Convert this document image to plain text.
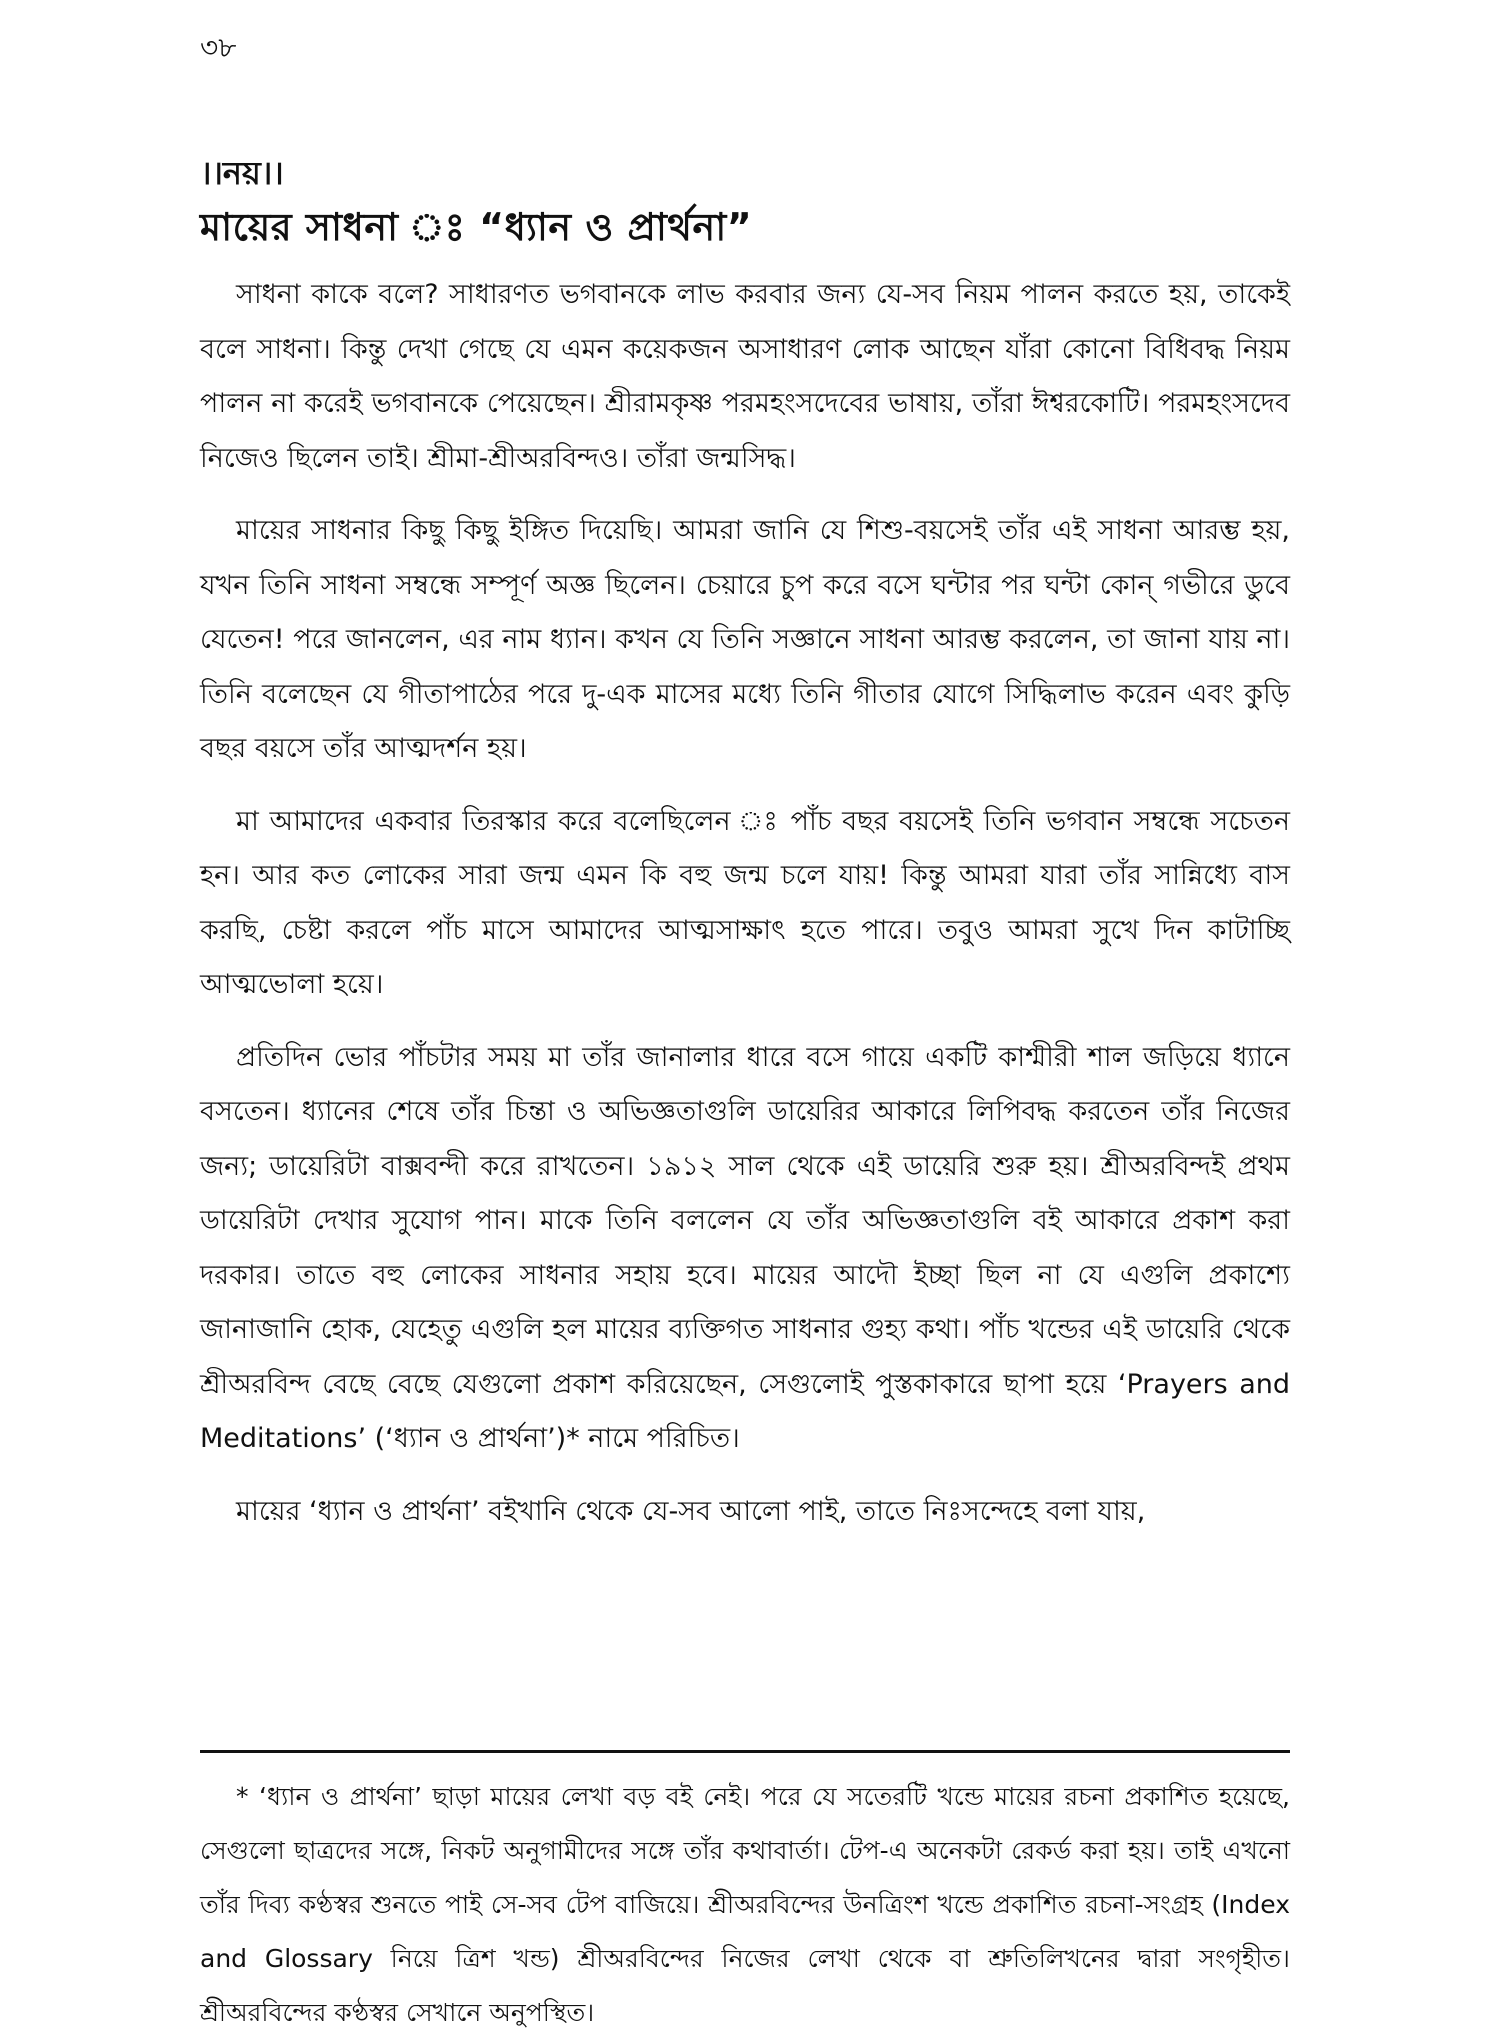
৩৮
।।নয়।।
মায়ের সাধনা ঃ “ধ্যান ও প্রার্থনা”

সাধনা কাকে বলে? সাধারণত ভগবানকে লাভ করবার জন্য যে-সব নিয়ম পালন করতে হয়, তাকেই বলে সাধনা। কিন্তু দেখা গেছে যে এমন কয়েকজন অসাধারণ লোক আছেন যাঁরা কোনো বিধিবদ্ধ নিয়ম পালন না করেই ভগবানকে পেয়েছেন। শ্রীরামকৃষ্ণ পরমহংসদেবের ভাষায়, তাঁরা ঈশ্বরকোটি। পরমহংসদেব নিজেও ছিলেন তাই। শ্রীমা-শ্রীঅরবিন্দও। তাঁরা জন্মসিদ্ধ।

মায়ের সাধনার কিছু কিছু ইঙ্গিত দিয়েছি। আমরা জানি যে শিশু-বয়সেই তাঁর এই সাধনা আরম্ভ হয়, যখন তিনি সাধনা সম্বন্ধে সম্পূর্ণ অজ্ঞ ছিলেন। চেয়ারে চুপ করে বসে ঘন্টার পর ঘন্টা কোন্ গভীরে ডুবে যেতেন! পরে জানলেন, এর নাম ধ্যান। কখন যে তিনি সজ্ঞানে সাধনা আরম্ভ করলেন, তা জানা যায় না। তিনি বলেছেন যে গীতাপাঠের পরে দু-এক মাসের মধ্যে তিনি গীতার যোগে সিদ্ধিলাভ করেন এবং কুড়ি বছর বয়সে তাঁর আত্মদর্শন হয়।

মা আমাদের একবার তিরস্কার করে বলেছিলেন ঃ পাঁচ বছর বয়সেই তিনি ভগবান সম্বন্ধে সচেতন হন। আর কত লোকের সারা জন্ম এমন কি বহু জন্ম চলে যায়! কিন্তু আমরা যারা তাঁর সান্নিধ্যে বাস করছি, চেষ্টা করলে পাঁচ মাসে আমাদের আত্মসাক্ষাৎ হতে পারে। তবুও আমরা সুখে দিন কাটাচ্ছি আত্মভোলা হয়ে।

প্রতিদিন ভোর পাঁচটার সময় মা তাঁর জানালার ধারে বসে গায়ে একটি কাশ্মীরী শাল জড়িয়ে ধ্যানে বসতেন। ধ্যানের শেষে তাঁর চিন্তা ও অভিজ্ঞতাগুলি ডায়েরির আকারে লিপিবদ্ধ করতেন তাঁর নিজের জন্য; ডায়েরিটা বাক্সবন্দী করে রাখতেন। ১৯১২ সাল থেকে এই ডায়েরি শুরু হয়। শ্রীঅরবিন্দই প্রথম ডায়েরিটা দেখার সুযোগ পান। মাকে তিনি বললেন যে তাঁর অভিজ্ঞতাগুলি বই আকারে প্রকাশ করা দরকার। তাতে বহু লোকের সাধনার সহায় হবে। মায়ের আদৌ ইচ্ছা ছিল না যে এগুলি প্রকাশ্যে জানাজানি হোক, যেহেতু এগুলি হল মায়ের ব্যক্তিগত সাধনার গুহ্য কথা। পাঁচ খন্ডের এই ডায়েরি থেকে শ্রীঅরবিন্দ বেছে বেছে যেগুলো প্রকাশ করিয়েছেন, সেগুলোই পুস্তকাকারে ছাপা হয়ে ‘Prayers and Meditations’ (‘ধ্যান ও প্রার্থনা’)* নামে পরিচিত।

মায়ের ‘ধ্যান ও প্রার্থনা’ বইখানি থেকে যে-সব আলো পাই, তাতে নিঃসন্দেহে বলা যায়,

* ‘ধ্যান ও প্রার্থনা’ ছাড়া মায়ের লেখা বড় বই নেই। পরে যে সতেরটি খন্ডে মায়ের রচনা প্রকাশিত হয়েছে, সেগুলো ছাত্রদের সঙ্গে, নিকট অনুগামীদের সঙ্গে তাঁর কথাবার্তা। টেপ-এ অনেকটা রেকর্ড করা হয়। তাই এখনো তাঁর দিব্য কণ্ঠস্বর শুনতে পাই সে-সব টেপ বাজিয়ে। শ্রীঅরবিন্দের উনত্রিংশ খন্ডে প্রকাশিত রচনা-সংগ্রহ (Index and Glossary নিয়ে ত্রিশ খন্ড) শ্রীঅরবিন্দের নিজের লেখা থেকে বা শ্রুতিলিখনের দ্বারা সংগৃহীত। শ্রীঅরবিন্দের কণ্ঠস্বর সেখানে অনুপস্থিত।
